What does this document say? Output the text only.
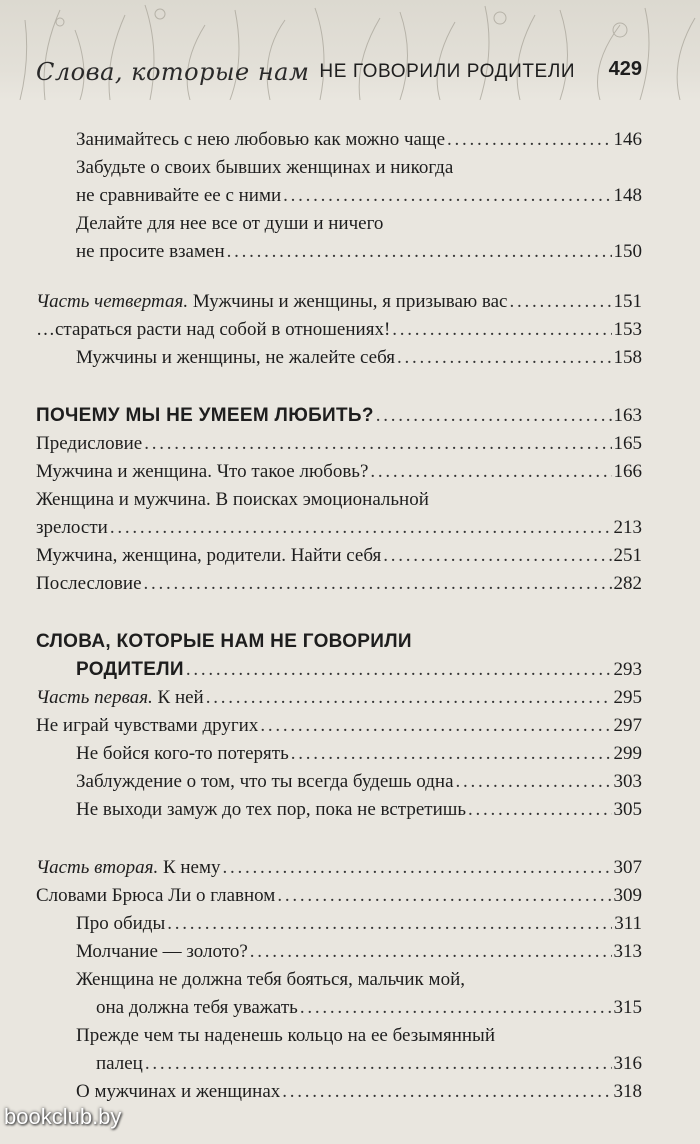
Слова, которые нам НЕ ГОВОРИЛИ РОДИТЕЛИ 429
Занимайтесь с нею любовью как можно чаще . . .	146
Забудьте о своих бывших женщинах и никогда
не сравнивайте ее с ними . . .	148
Делайте для нее все от души и ничего
не просите взамен . . .	150
Часть четвертая. Мужчины и женщины, я призываю вас . . .	151
…стараться расти над собой в отношениях! . . .	153
Мужчины и женщины, не жалейте себя . . .	158
ПОЧЕМУ МЫ НЕ УМЕЕМ ЛЮБИТЬ? . . .	163
Предисловие . . .	165
Мужчина и женщина. Что такое любовь? . . .	166
Женщина и мужчина. В поисках эмоциональной
зрелости . . .	213
Мужчина, женщина, родители. Найти себя . . .	251
Послесловие . . .	282
СЛОВА, КОТОРЫЕ НАМ НЕ ГОВОРИЛИ
РОДИТЕЛИ . . .	293
Часть первая. К ней . . .	295
Не играй чувствами других . . .	297
Не бойся кого-то потерять . . .	299
Заблуждение о том, что ты всегда будешь одна . . .	303
Не выходи замуж до тех пор, пока не встретишь . . .	305
Часть вторая. К нему . . .	307
Словами Брюса Ли о главном . . .	309
Про обиды . . .	311
Молчание — золото? . . .	313
Женщина не должна тебя бояться, мальчик мой,
она должна тебя уважать . . .	315
Прежде чем ты наденешь кольцо на ее безымянный
палец . . .	316
О мужчинах и женщинах . . .	318
bookclub.by
